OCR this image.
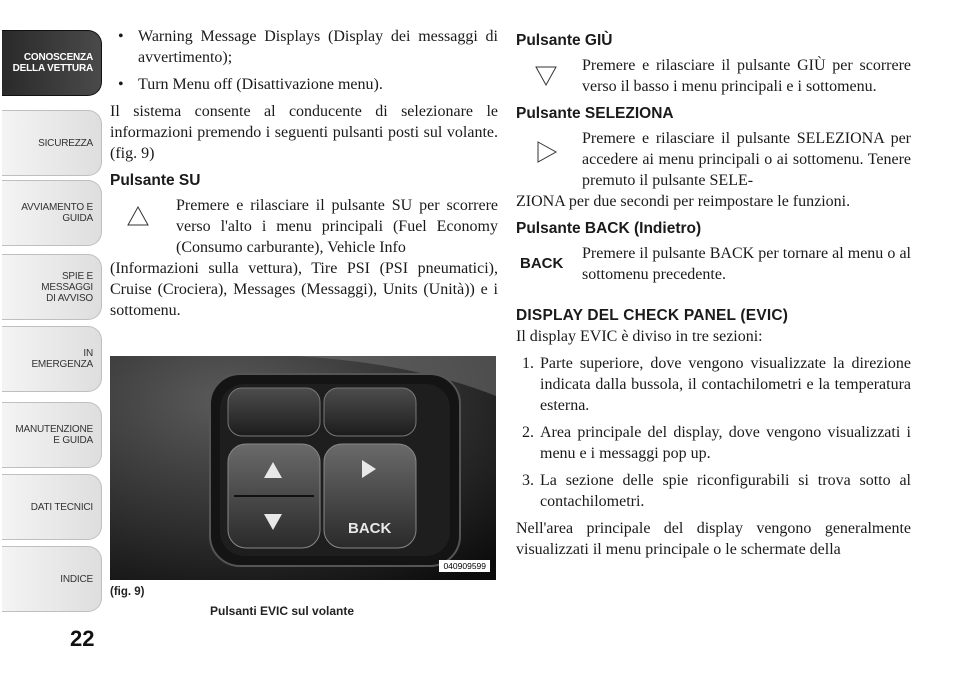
CONOSCENZA
DELLA VETTURA
SICUREZZA
AVVIAMENTO E
GUIDA
SPIE E
MESSAGGI
DI AVVISO
IN
EMERGENZA
MANUTENZIONE
E GUIDA
DATI TECNICI
INDICE
22
• Warning Message Displays (Display dei messaggi di avvertimento);
• Turn Menu off (Disattivazione menu).

Il sistema consente al conducente di selezionare le informazioni premendo i seguenti pulsanti posti sul volante. (fig. 9)

Pulsante SU

Premere e rilasciare il pulsante SU per scorrere verso l'alto i menu principali (Fuel Economy (Consumo carburante), Vehicle Info

(Informazioni sulla vettura), Tire PSI (PSI pneumatici), Cruise (Crociera), Messages (Messaggi), Units (Unità)) e i sottomenu.

BACK
040909599
(fig. 9)
Pulsanti EVIC sul volante
Pulsante GIÙ

Premere e rilasciare il pulsante GIÙ per scorrere verso il basso i menu principali e i sottomenu.

Pulsante SELEZIONA

Premere e rilasciare il pulsante SELEZIONA per accedere ai menu principali o ai sottomenu. Tenere premuto il pulsante SELE-

ZIONA per due secondi per reimpostare le funzioni.

Pulsante BACK (Indietro)
BACK

Premere il pulsante BACK per tornare al menu o al sottomenu precedente.

DISPLAY DEL CHECK PANEL (EVIC)

Il display EVIC è diviso in tre sezioni:

1. Parte superiore, dove vengono visualizzate la direzione indicata dalla bussola, il contachilometri e la temperatura esterna.
2. Area principale del display, dove vengono visualizzati i menu e i messaggi pop up.
3. La sezione delle spie riconfigurabili si trova sotto al contachilometri.

Nell'area principale del display vengono generalmente visualizzati il menu principale o le schermate della
